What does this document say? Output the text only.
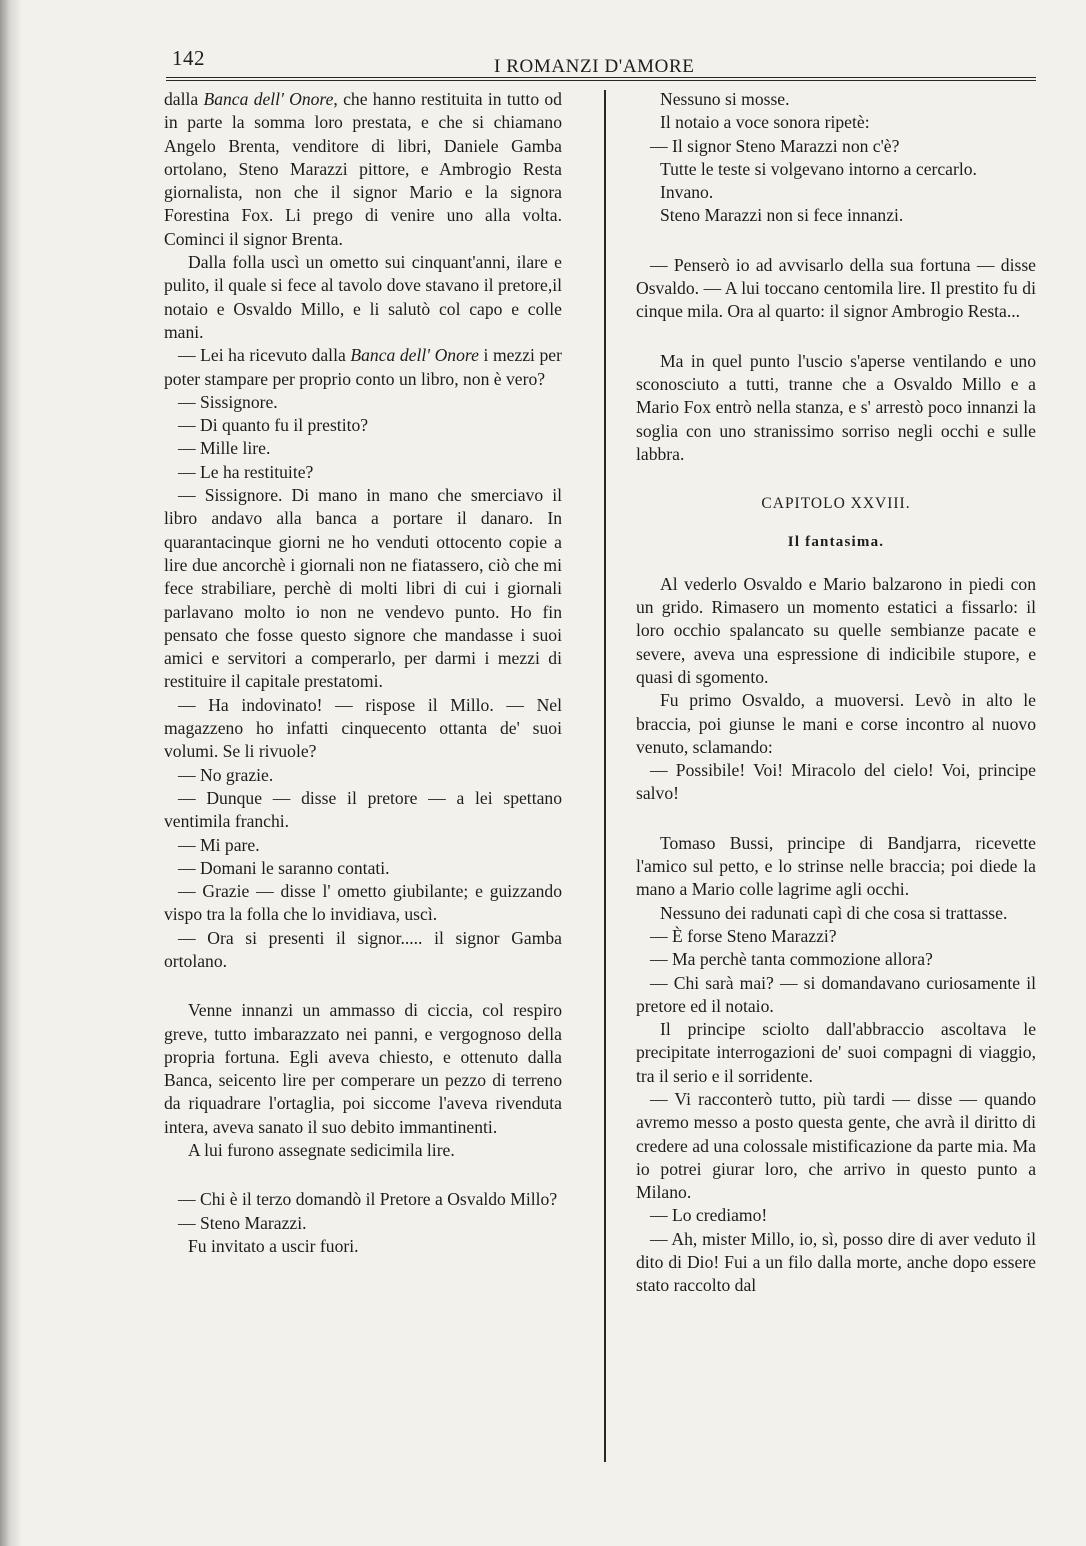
142	I ROMANZI D'AMORE

dalla Banca dell' Onore, che hanno restituita in tutto od in parte la somma loro prestata, e che si chiamano Angelo Brenta, venditore di libri, Daniele Gamba ortolano, Steno Marazzi pittore, e Ambrogio Resta giornalista, non che il signor Mario e la signora Forestina Fox. Li prego di venire uno alla volta. Cominci il signor Brenta.

Dalla folla uscì un ometto sui cinquant'anni, ilare e pulito, il quale si fece al tavolo dove stavano il pretore,il notaio e Osvaldo Millo, e li salutò col capo e colle mani.

— Lei ha ricevuto dalla Banca dell' Onore i mezzi per poter stampare per proprio conto un libro, non è vero?

— Sissignore.

— Di quanto fu il prestito?

— Mille lire.

— Le ha restituite?

— Sissignore. Di mano in mano che smerciavo il libro andavo alla banca a portare il danaro. In quarantacinque giorni ne ho venduti ottocento copie a lire due ancorchè i giornali non ne fiatassero, ciò che mi fece strabiliare, perchè di molti libri di cui i giornali parlavano molto io non ne vendevo punto. Ho fin pensato che fosse questo signore che mandasse i suoi amici e servitori a comperarlo, per darmi i mezzi di restituire il capitale prestatomi.

— Ha indovinato! — rispose il Millo. — Nel magazzeno ho infatti cinquecento ottanta de' suoi volumi. Se li rivuole?

— No grazie.

— Dunque — disse il pretore — a lei spettano ventimila franchi.

— Mi pare.

— Domani le saranno contati.

— Grazie — disse l' ometto giubilante; e guizzando vispo tra la folla che lo invidiava, uscì.

— Ora si presenti il signor..... il signor Gamba ortolano.

Venne innanzi un ammasso di ciccia, col respiro greve, tutto imbarazzato nei panni, e vergognoso della propria fortuna. Egli aveva chiesto, e ottenuto dalla Banca, seicento lire per comperare un pezzo di terreno da riquadrare l'ortaglia, poi siccome l'aveva rivenduta intera, aveva sanato il suo debito immantinenti.

A lui furono assegnate sedicimila lire.

— Chi è il terzo domandò il Pretore a Osvaldo Millo?

— Steno Marazzi.

Fu invitato a uscir fuori.

Nessuno si mosse.

Il notaio a voce sonora ripetè:

— Il signor Steno Marazzi non c'è?

Tutte le teste si volgevano intorno a cercarlo.

Invano.

Steno Marazzi non si fece innanzi.

— Penserò io ad avvisarlo della sua fortuna — disse Osvaldo. — A lui toccano centomila lire. Il prestito fu di cinque mila. Ora al quarto: il signor Ambrogio Resta...

Ma in quel punto l'uscio s'aperse ventilando e uno sconosciuto a tutti, tranne che a Osvaldo Millo e a Mario Fox entrò nella stanza, e s' arrestò poco innanzi la soglia con uno stranissimo sorriso negli occhi e sulle labbra.

CAPITOLO XXVIII.
Il fantasima.

Al vederlo Osvaldo e Mario balzarono in piedi con un grido. Rimasero un momento estatici a fissarlo: il loro occhio spalancato su quelle sembianze pacate e severe, aveva una espressione di indicibile stupore, e quasi di sgomento.

Fu primo Osvaldo, a muoversi. Levò in alto le braccia, poi giunse le mani e corse incontro al nuovo venuto, sclamando:

— Possibile! Voi! Miracolo del cielo! Voi, principe salvo!

Tomaso Bussi, principe di Bandjarra, ricevette l'amico sul petto, e lo strinse nelle braccia; poi diede la mano a Mario colle lagrime agli occhi.

Nessuno dei radunati capì di che cosa si trattasse.

— È forse Steno Marazzi?

— Ma perchè tanta commozione allora?

— Chi sarà mai? — si domandavano curiosamente il pretore ed il notaio.

Il principe sciolto dall'abbraccio ascoltava le precipitate interrogazioni de' suoi compagni di viaggio, tra il serio e il sorridente.

— Vi racconterò tutto, più tardi — disse — quando avremo messo a posto questa gente, che avrà il diritto di credere ad una colossale mistificazione da parte mia. Ma io potrei giurar loro, che arrivo in questo punto a Milano.

— Lo crediamo!

— Ah, mister Millo, io, sì, posso dire di aver veduto il dito di Dio! Fui a un filo dalla morte, anche dopo essere stato raccolto dal
